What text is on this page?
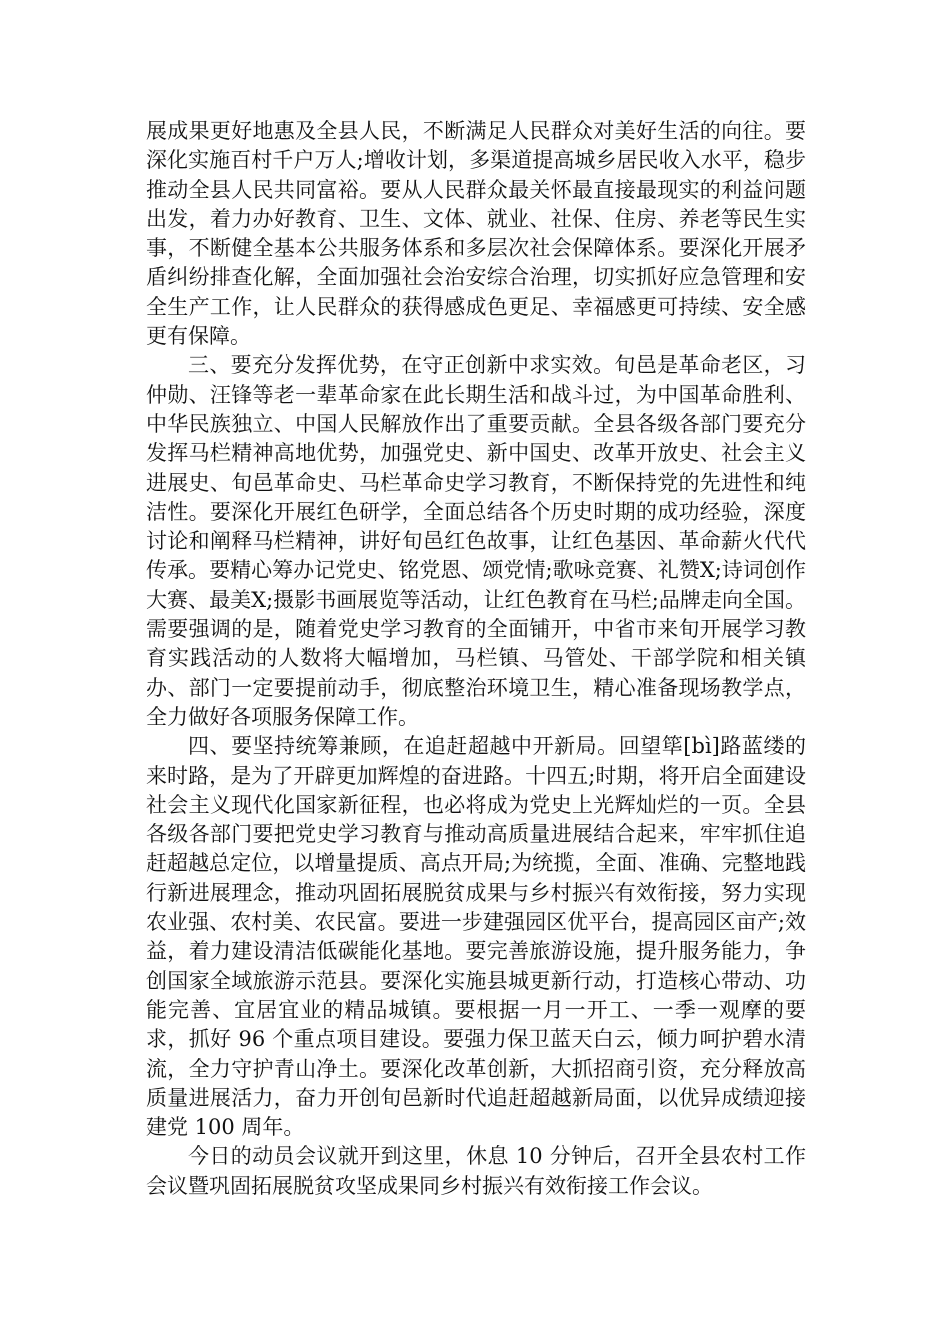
展成果更好地惠及全县人民，不断满足人民群众对美好生活的向往。要深化实施百村千户万人;增收计划，多渠道提高城乡居民收入水平，稳步推动全县人民共同富裕。要从人民群众最关怀最直接最现实的利益问题出发，着力办好教育、卫生、文体、就业、社保、住房、养老等民生实事，不断健全基本公共服务体系和多层次社会保障体系。要深化开展矛盾纠纷排查化解，全面加强社会治安综合治理，切实抓好应急管理和安全生产工作，让人民群众的获得感成色更足、幸福感更可持续、安全感更有保障。

三、要充分发挥优势，在守正创新中求实效。旬邑是革命老区，习仲勋、汪锋等老一辈革命家在此长期生活和战斗过，为中国革命胜利、中华民族独立、中国人民解放作出了重要贡献。全县各级各部门要充分发挥马栏精神高地优势，加强党史、新中国史、改革开放史、社会主义进展史、旬邑革命史、马栏革命史学习教育，不断保持党的先进性和纯洁性。要深化开展红色研学，全面总结各个历史时期的成功经验，深度讨论和阐释马栏精神，讲好旬邑红色故事，让红色基因、革命薪火代代传承。要精心筹办记党史、铭党恩、颂党情;歌咏竞赛、礼赞X;诗词创作大赛、最美X;摄影书画展览等活动，让红色教育在马栏;品牌走向全国。需要强调的是，随着党史学习教育的全面铺开，中省市来旬开展学习教育实践活动的人数将大幅增加，马栏镇、马管处、干部学院和相关镇办、部门一定要提前动手，彻底整治环境卫生，精心准备现场教学点，全力做好各项服务保障工作。

四、要坚持统筹兼顾，在追赶超越中开新局。回望筚[bì]路蓝缕的来时路，是为了开辟更加辉煌的奋进路。十四五;时期，将开启全面建设社会主义现代化国家新征程，也必将成为党史上光辉灿烂的一页。全县各级各部门要把党史学习教育与推动高质量进展结合起来，牢牢抓住追赶超越总定位，以增量提质、高点开局;为统揽，全面、准确、完整地践行新进展理念，推动巩固拓展脱贫成果与乡村振兴有效衔接，努力实现农业强、农村美、农民富。要进一步建强园区优平台，提高园区亩产;效益，着力建设清洁低碳能化基地。要完善旅游设施，提升服务能力，争创国家全域旅游示范县。要深化实施县城更新行动，打造核心带动、功能完善、宜居宜业的精品城镇。要根据一月一开工、一季一观摩的要求，抓好 96 个重点项目建设。要强力保卫蓝天白云，倾力呵护碧水清流，全力守护青山净土。要深化改革创新，大抓招商引资，充分释放高质量进展活力，奋力开创旬邑新时代追赶超越新局面，以优异成绩迎接建党 100 周年。

今日的动员会议就开到这里，休息 10 分钟后，召开全县农村工作会议暨巩固拓展脱贫攻坚成果同乡村振兴有效衔接工作会议。
